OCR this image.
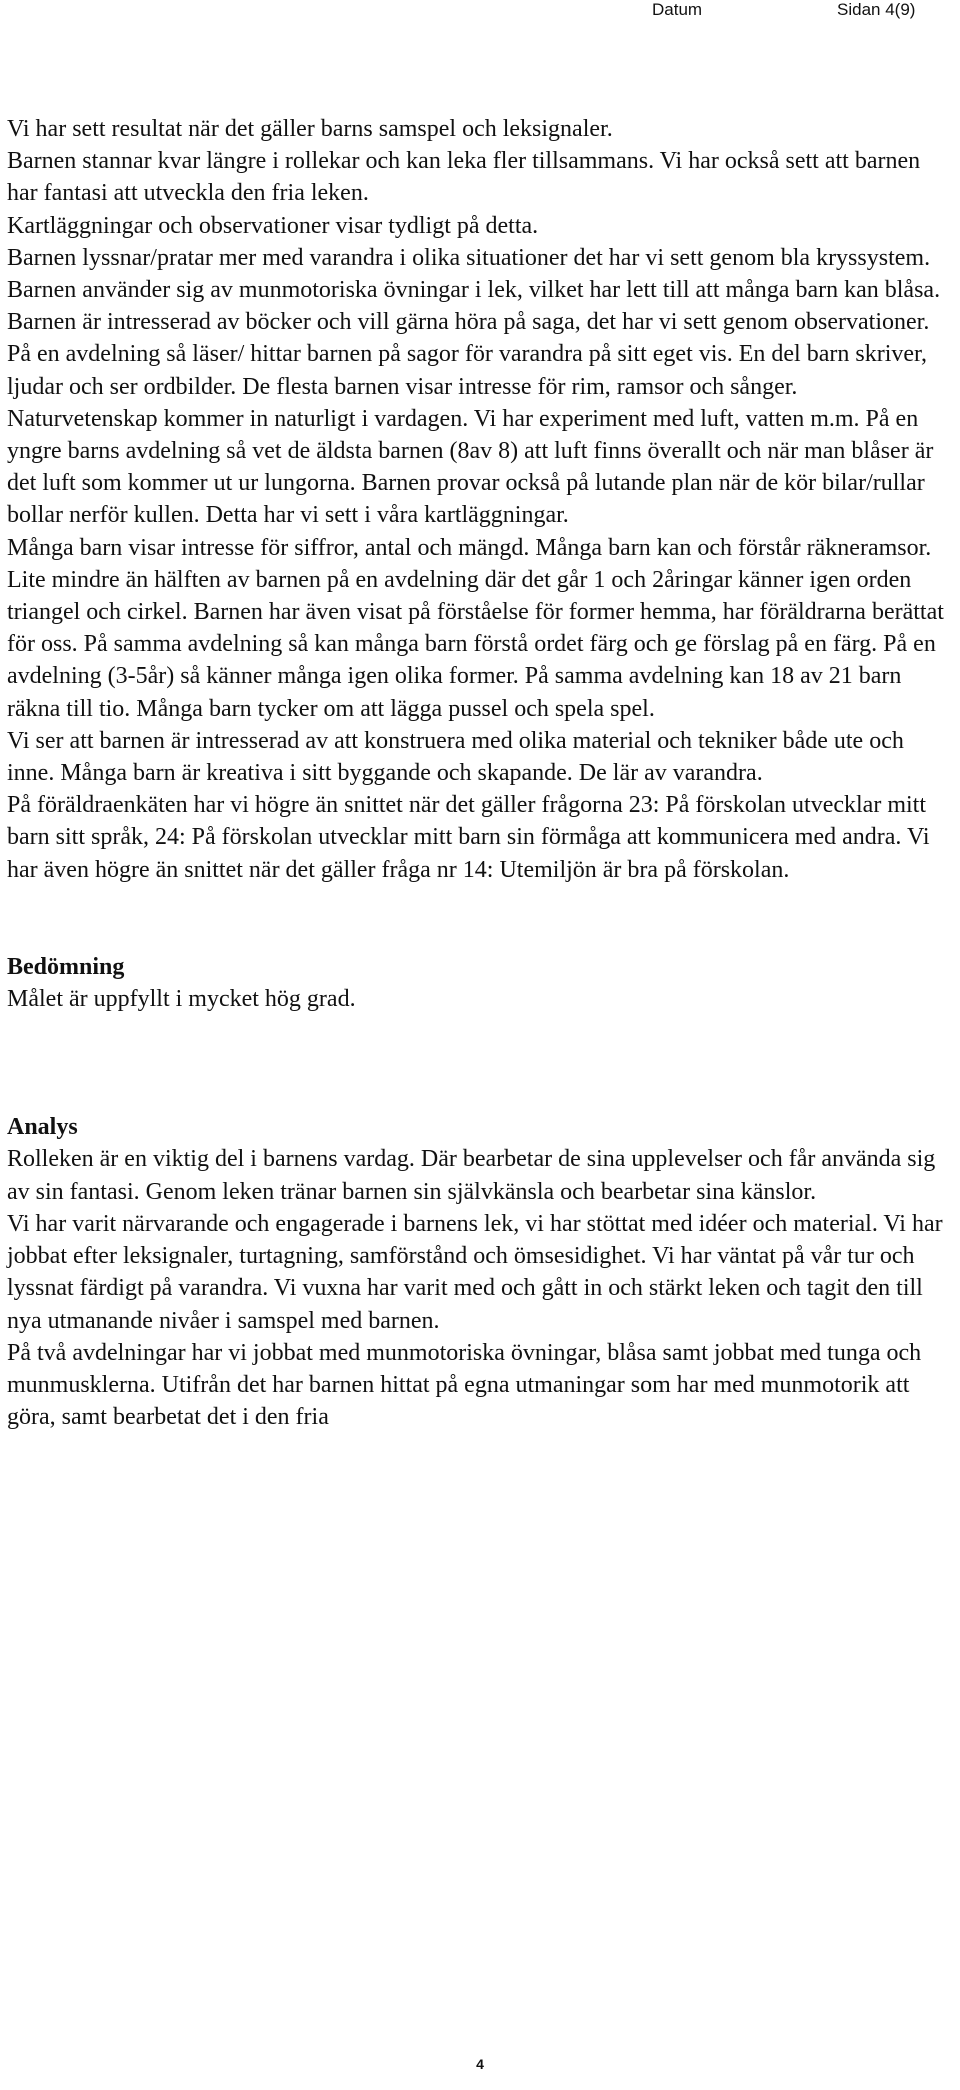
Datum	Sidan 4(9)

Vi har sett resultat när det gäller barns samspel och leksignaler.
Barnen stannar kvar längre i rollekar och kan leka fler tillsammans. Vi har också sett att barnen har fantasi att utveckla den fria leken.
Kartläggningar och observationer visar tydligt på detta.
Barnen lyssnar/pratar mer med varandra i olika situationer det har vi sett genom bla kryssystem.
Barnen använder sig av munmotoriska övningar i lek, vilket har lett till att många barn kan blåsa.
Barnen är intresserad av böcker och vill gärna höra på saga, det har vi sett genom observationer. På en avdelning så läser/ hittar barnen på sagor för varandra på sitt eget vis. En del barn skriver, ljudar och ser ordbilder. De flesta barnen visar intresse för rim, ramsor och sånger.
Naturvetenskap kommer in naturligt i vardagen. Vi har experiment med luft, vatten m.m. På en yngre barns avdelning så vet de äldsta barnen (8av 8) att luft finns överallt och när man blåser är det luft som kommer ut ur lungorna. Barnen provar också på lutande plan när de kör bilar/rullar bollar nerför kullen. Detta har vi sett i våra kartläggningar.
Många barn visar intresse för siffror, antal och mängd. Många barn kan och förstår räkneramsor.
Lite mindre än hälften av barnen på en avdelning där det går 1 och 2åringar känner igen orden triangel och cirkel. Barnen har även visat på förståelse för former hemma, har föräldrarna berättat för oss. På samma avdelning så kan många barn förstå ordet färg och ge förslag på en färg. På en avdelning (3-5år) så känner många igen olika former. På samma avdelning kan 18 av 21 barn räkna till tio. Många barn tycker om att lägga pussel och spela spel.
Vi ser att barnen är intresserad av att konstruera med olika material och tekniker både ute och inne. Många barn är kreativa i sitt byggande och skapande. De lär av varandra.
På föräldraenkäten har vi högre än snittet när det gäller frågorna 23: På förskolan utvecklar mitt barn sitt språk, 24: På förskolan utvecklar mitt barn sin förmåga att kommunicera med andra. Vi har även högre än snittet när det gäller fråga nr 14: Utemiljön är bra på förskolan.

Bedömning

Målet är uppfyllt i mycket hög grad.

Analys

Rolleken är en viktig del i barnens vardag. Där bearbetar de sina upplevelser och får använda sig av sin fantasi. Genom leken tränar barnen sin självkänsla och bearbetar sina känslor.
Vi har varit närvarande och engagerade i barnens lek, vi har stöttat med idéer och material. Vi har jobbat efter leksignaler, turtagning, samförstånd och ömsesidighet. Vi har väntat på vår tur och lyssnat färdigt på varandra. Vi vuxna har varit med och gått in och stärkt leken och tagit den till nya utmanande nivåer i samspel med barnen.
På två avdelningar har vi jobbat med munmotoriska övningar, blåsa samt jobbat med tunga och munmusklerna. Utifrån det har barnen hittat på egna utmaningar som har med munmotorik att göra, samt bearbetat det i den fria

4
